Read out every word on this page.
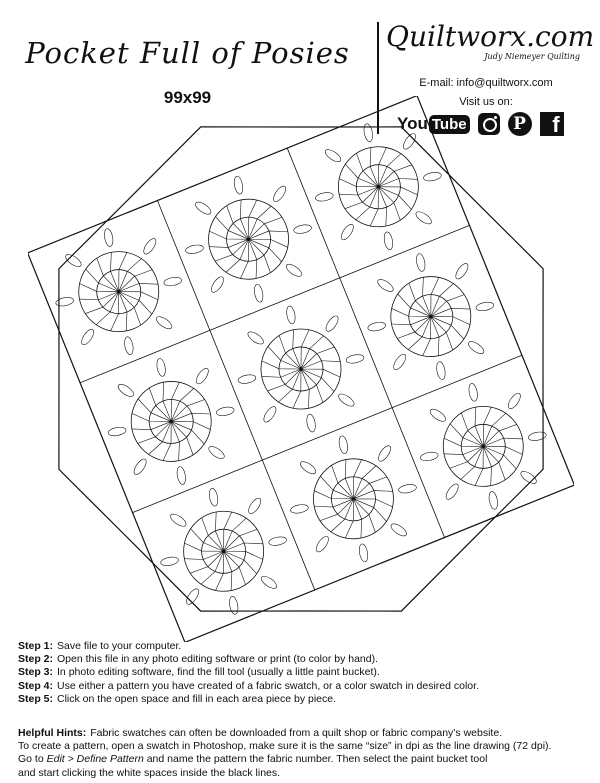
Pocket Full of Posies
99x99
Quiltworx.com
Judy Niemeyer Quilting
E-mail: info@quiltworx.com
Visit us on:
You Tube	P f
Step 1: Save file to your computer.
Step 2: Open this file in any photo editing software or print (to color by hand).
Step 3: In photo editing software, find the fill tool (usually a little paint bucket).
Step 4: Use either a pattern you have created of a fabric swatch, or a color swatch in desired color.
Step 5: Click on the open space and fill in each area piece by piece.
Helpful Hints: Fabric swatches can often be downloaded from a quilt shop or fabric company’s website.
To create a pattern, open a swatch in Photoshop, make sure it is the same “size” in dpi as the line drawing (72 dpi).
Go to Edit > Define Pattern and name the pattern the fabric number. Then select the paint bucket tool
and start clicking the white spaces inside the black lines.
